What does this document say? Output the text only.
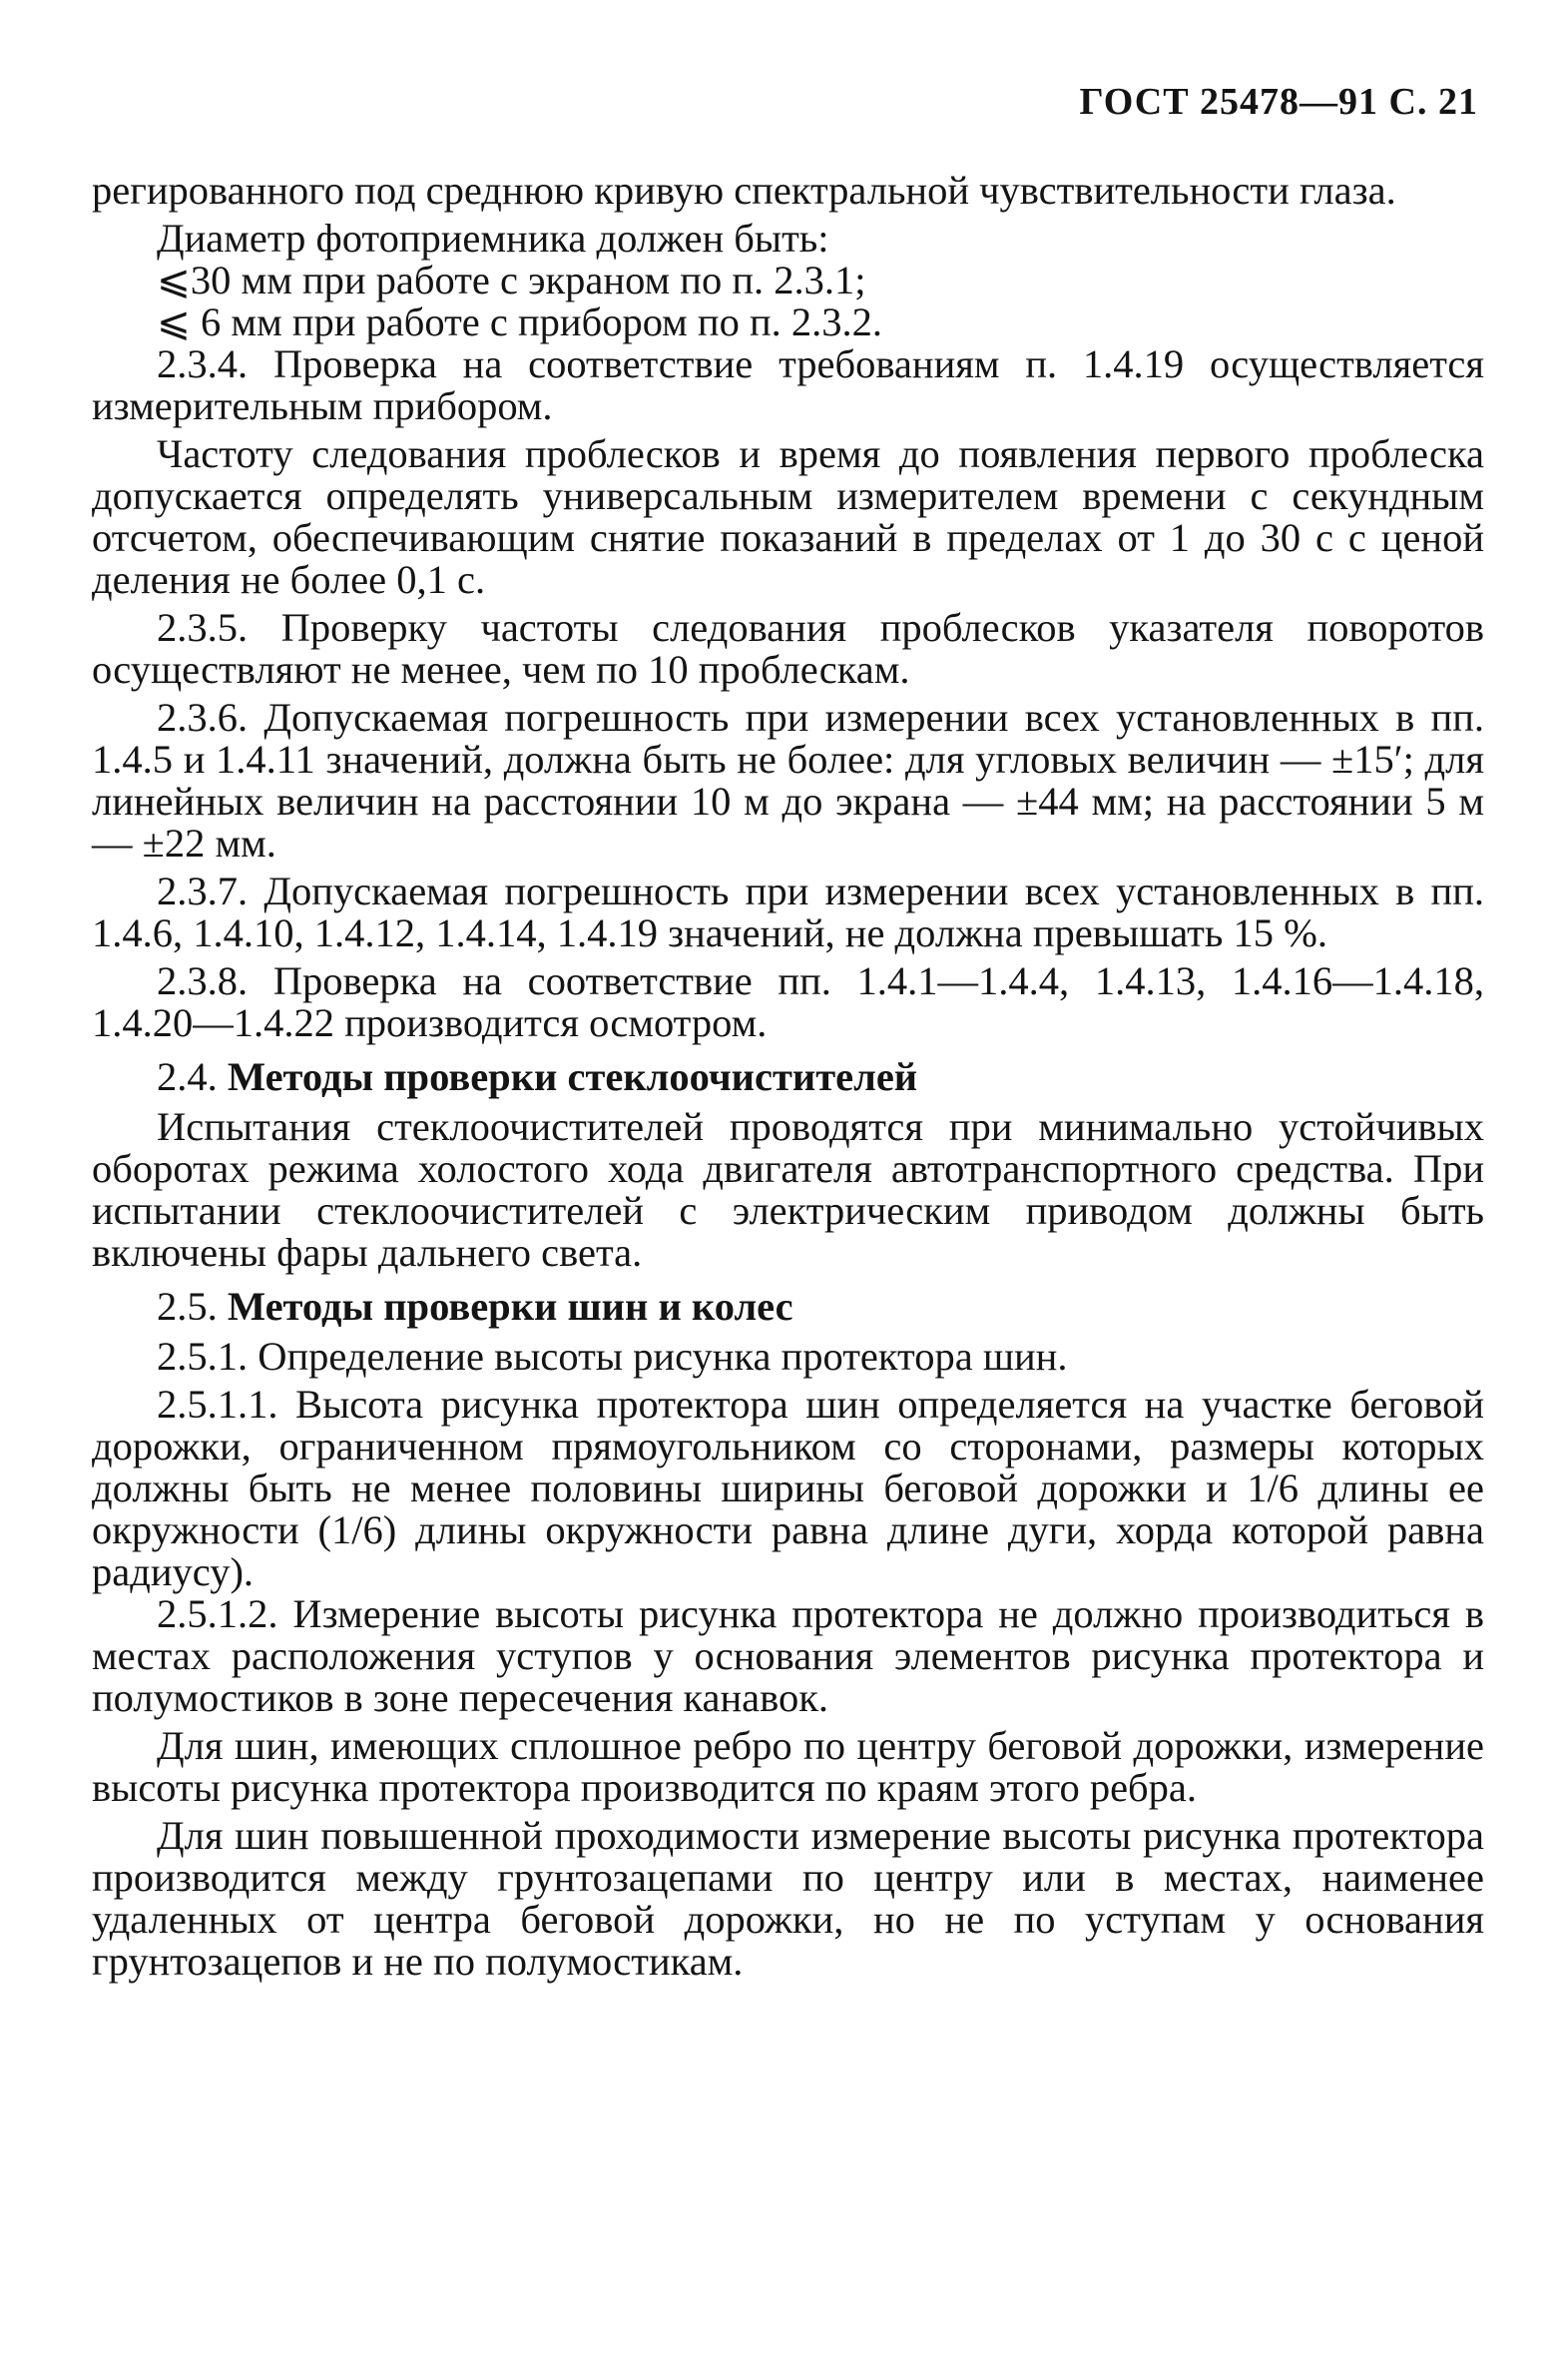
ГОСТ 25478—91 С. 21

регированного под среднюю кривую спектральной чувствительности глаза.

Диаметр фотоприемника должен быть:

⩽30 мм при работе с экраном по п. 2.3.1;

⩽ 6 мм при работе с прибором по п. 2.3.2.

2.3.4. Проверка на соответствие требованиям п. 1.4.19 осуществляется измерительным прибором.

Частоту следования проблесков и время до появления первого проблеска допускается определять универсальным измерителем времени с секундным отсчетом, обеспечивающим снятие показаний в пределах от 1 до 30 с с ценой деления не более 0,1 с.

2.3.5. Проверку частоты следования проблесков указателя поворотов осуществляют не менее, чем по 10 проблескам.

2.3.6. Допускаемая погрешность при измерении всех установленных в пп. 1.4.5 и 1.4.11 значений, должна быть не более: для угловых величин — ±15′; для линейных величин на расстоянии 10 м до экрана — ±44 мм; на расстоянии 5 м — ±22 мм.

2.3.7. Допускаемая погрешность при измерении всех установленных в пп. 1.4.6, 1.4.10, 1.4.12, 1.4.14, 1.4.19 значений, не должна превышать 15 %.

2.3.8. Проверка на соответствие пп. 1.4.1—1.4.4, 1.4.13, 1.4.16—1.4.18, 1.4.20—1.4.22 производится осмотром.

2.4. Методы проверки стеклоочистителей

Испытания стеклоочистителей проводятся при минимально устойчивых оборотах режима холостого хода двигателя автотранспортного средства. При испытании стеклоочистителей с электрическим приводом должны быть включены фары дальнего света.

2.5. Методы проверки шин и колес

2.5.1. Определение высоты рисунка протектора шин.

2.5.1.1. Высота рисунка протектора шин определяется на участке беговой дорожки, ограниченном прямоугольником со сторонами, размеры которых должны быть не менее половины ширины беговой дорожки и 1/6 длины ее окружности (1/6) длины окружности равна длине дуги, хорда которой равна радиусу).

2.5.1.2. Измерение высоты рисунка протектора не должно производиться в местах расположения уступов у основания элементов рисунка протектора и полумостиков в зоне пересечения канавок.

Для шин, имеющих сплошное ребро по центру беговой дорожки, измерение высоты рисунка протектора производится по краям этого ребра.

Для шин повышенной проходимости измерение высоты рисунка протектора производится между грунтозацепами по центру или в местах, наименее удаленных от центра беговой дорожки, но не по уступам у основания грунтозацепов и не по полумостикам.
